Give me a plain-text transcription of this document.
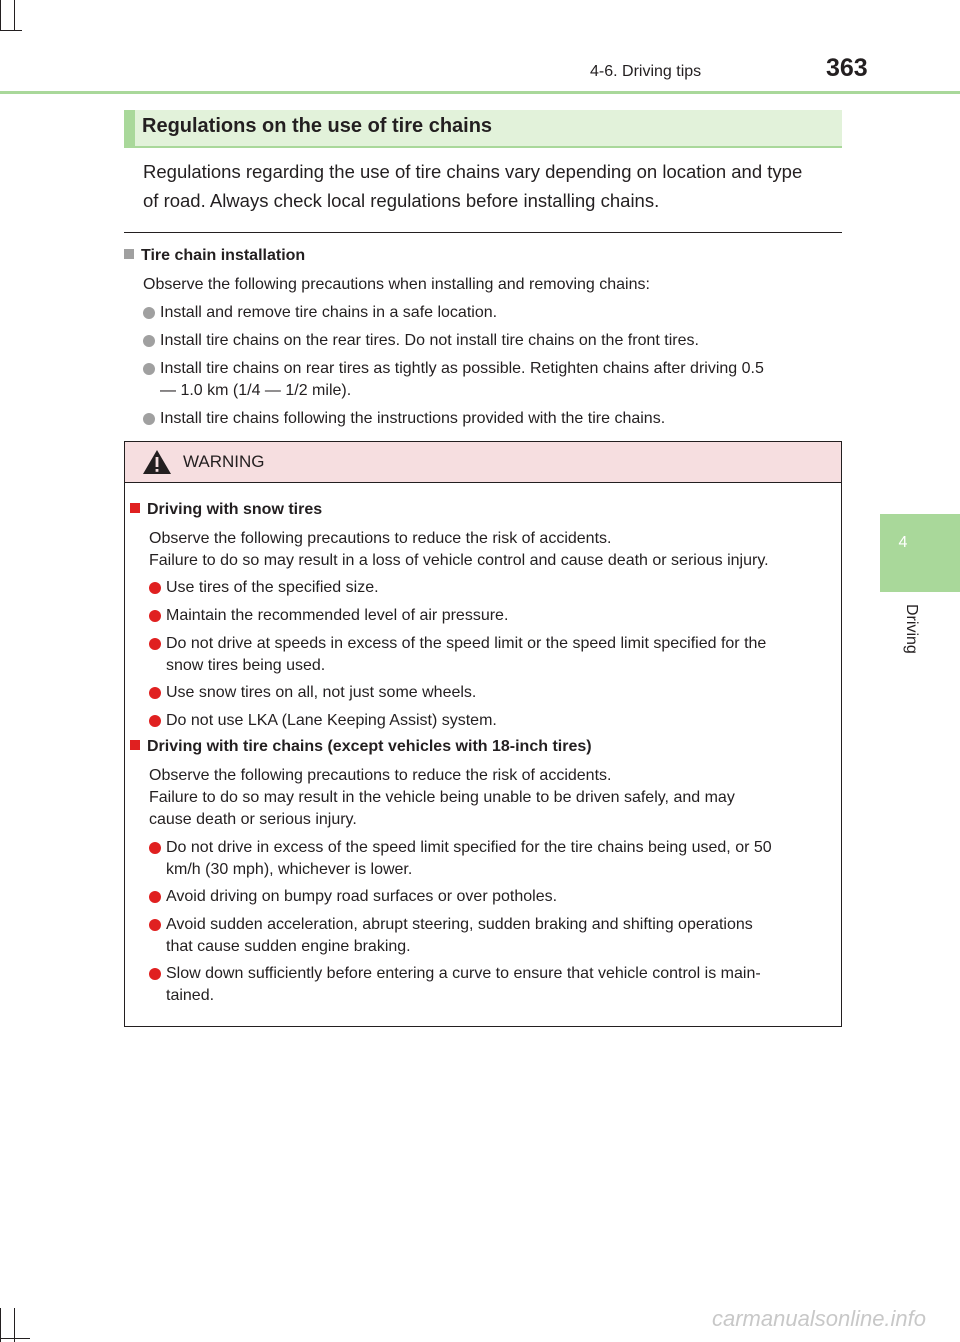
4-6. Driving tips	363
4
Driving
Regulations on the use of tire chains
Regulations regarding the use of tire chains vary depending on location and type
of road. Always check local regulations before installing chains.
Tire chain installation
Observe the following precautions when installing and removing chains:
Install and remove tire chains in a safe location.
Install tire chains on the rear tires. Do not install tire chains on the front tires.
Install tire chains on rear tires as tightly as possible. Retighten chains after driving 0.5
— 1.0 km (1/4 — 1/2 mile).
Install tire chains following the instructions provided with the tire chains.
WARNING
Driving with snow tires
Observe the following precautions to reduce the risk of accidents.
Failure to do so may result in a loss of vehicle control and cause death or serious injury.
Use tires of the specified size.
Maintain the recommended level of air pressure.
Do not drive at speeds in excess of the speed limit or the speed limit specified for the
snow tires being used.
Use snow tires on all, not just some wheels.
Do not use LKA (Lane Keeping Assist) system.
Driving with tire chains (except vehicles with 18-inch tires)
Observe the following precautions to reduce the risk of accidents.
Failure to do so may result in the vehicle being unable to be driven safely, and may
cause death or serious injury.
Do not drive in excess of the speed limit specified for the tire chains being used, or 50
km/h (30 mph), whichever is lower.
Avoid driving on bumpy road surfaces or over potholes.
Avoid sudden acceleration, abrupt steering, sudden braking and shifting operations
that cause sudden engine braking.
Slow down sufficiently before entering a curve to ensure that vehicle control is main-
tained.
carmanualsonline.info
